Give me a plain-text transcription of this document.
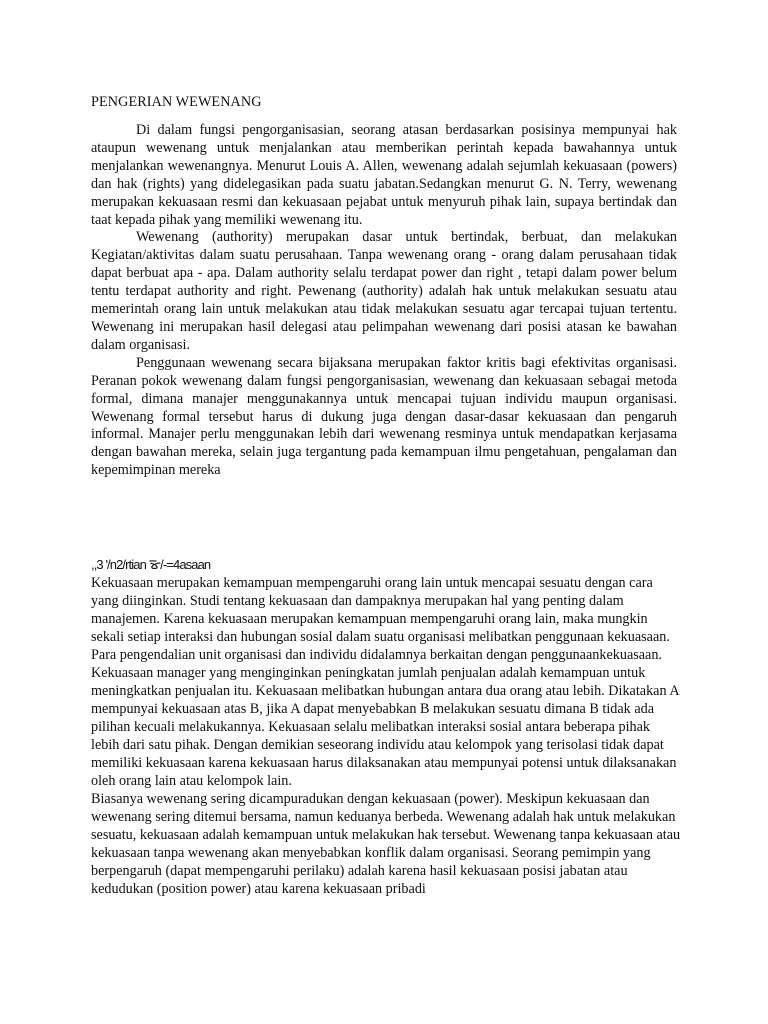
PENGERIAN WEWENANG

Di dalam fungsi pengorganisasian, seorang atasan berdasarkan posisinya mempunyai hak ataupun wewenang untuk menjalankan atau memberikan perintah kepada bawahannya untuk menjalankan wewenangnya. Menurut Louis A. Allen, wewenang adalah sejumlah kekuasaan (powers) dan hak (rights) yang didelegasikan pada suatu jabatan.Sedangkan menurut G. N. Terry, wewenang merupakan kekuasaan resmi dan kekuasaan pejabat untuk menyuruh pihak lain, supaya bertindak dan taat kepada pihak yang memiliki wewenang itu.

Wewenang (authority) merupakan dasar untuk bertindak, berbuat, dan melakukan Kegiatan/aktivitas dalam suatu perusahaan. Tanpa wewenang orang - orang dalam perusahaan tidak dapat berbuat apa - apa. Dalam authority selalu terdapat power dan right , tetapi dalam power belum tentu terdapat authority and right. Pewenang (authority) adalah hak untuk melakukan sesuatu atau memerintah orang lain untuk melakukan atau tidak melakukan sesuatu agar tercapai tujuan tertentu. Wewenang ini merupakan hasil delegasi atau pelimpahan wewenang dari posisi atasan ke bawahan dalam organisasi.

Penggunaan wewenang secara bijaksana merupakan faktor kritis bagi efektivitas organisasi. Peranan pokok wewenang dalam fungsi pengorganisasian, wewenang dan kekuasaan sebagai metoda formal, dimana manajer menggunakannya untuk mencapai tujuan individu maupun organisasi. Wewenang formal tersebut harus di dukung juga dengan dasar-dasar kekuasaan dan pengaruh informal. Manajer perlu menggunakan lebih dari wewenang resminya untuk mendapatkan kerjasama dengan bawahan mereka, selain juga tergantung pada kemampuan ilmu pengetahuan, pengalaman dan kepemimpinan mereka

,,3 '/n2/rtian ᯊ/-=4asaan

Kekuasaan merupakan kemampuan mempengaruhi orang lain untuk mencapai sesuatu dengan cara yang diinginkan. Studi tentang kekuasaan dan dampaknya merupakan hal yang penting dalam manajemen. Karena kekuasaan merupakan kemampuan mempengaruhi orang lain, maka mungkin sekali setiap interaksi dan hubungan sosial dalam suatu organisasi melibatkan penggunaan kekuasaan. Para pengendalian unit organisasi dan individu didalamnya berkaitan dengan penggunaankekuasaan.

Kekuasaan manager yang menginginkan peningkatan jumlah penjualan adalah kemampuan untuk meningkatkan penjualan itu. Kekuasaan melibatkan hubungan antara dua orang atau lebih. Dikatakan A mempunyai kekuasaan atas B, jika A dapat menyebabkan B melakukan sesuatu dimana B tidak ada pilihan kecuali melakukannya. Kekuasaan selalu melibatkan interaksi sosial antara beberapa pihak lebih dari satu pihak. Dengan demikian seseorang individu atau kelompok yang terisolasi tidak dapat memiliki kekuasaan karena kekuasaan harus dilaksanakan atau mempunyai potensi untuk dilaksanakan oleh orang lain atau kelompok lain.

Biasanya wewenang sering dicampuradukan dengan kekuasaan (power). Meskipun kekuasaan dan wewenang sering ditemui bersama, namun keduanya berbeda. Wewenang adalah hak untuk melakukan sesuatu, kekuasaan adalah kemampuan untuk melakukan hak tersebut. Wewenang tanpa kekuasaan atau kekuasaan tanpa wewenang akan menyebabkan konflik dalam organisasi. Seorang pemimpin yang berpengaruh (dapat mempengaruhi perilaku) adalah karena hasil kekuasaan posisi jabatan atau kedudukan (position power) atau karena kekuasaan pribadi
